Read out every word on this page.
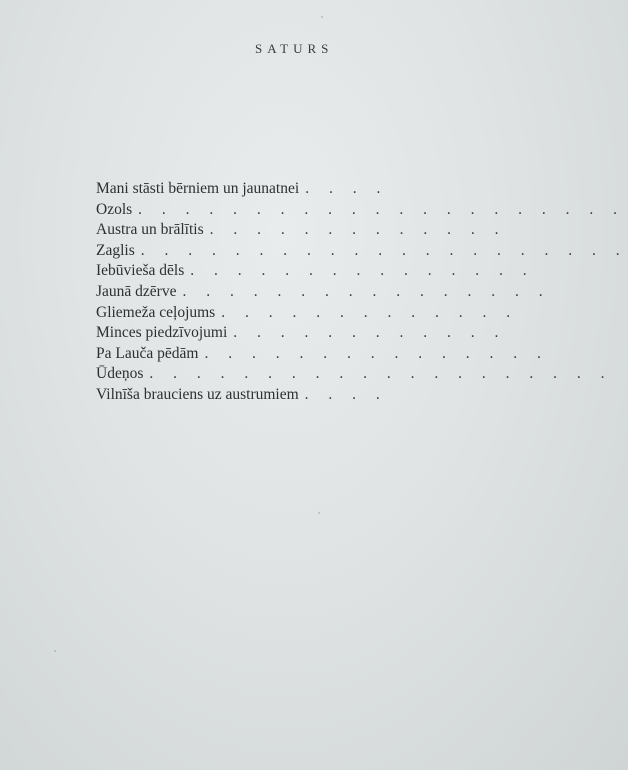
SATURS
Mani stāsti bērniem un jaunatnei . . . .
Ozols . . . . . . . . . . . . . . . . . . . . .
Austra un brālītis . . . . . . . . . . . . .
Zaglis . . . . . . . . . . . . . . . . . . . . .
Iebūvieša dēls . . . . . . . . . . . . . . .
Jaunā dzērve . . . . . . . . . . . . . . . .
Gliemeža ceļojums . . . . . . . . . . . . .
Minces piedzīvojumi . . . . . . . . . . . .
Pa Lauča pēdām . . . . . . . . . . . . . . .
Ūdeņos . . . . . . . . . . . . . . . . . . . .
Vilnīša brauciens uz austrumiem . . . .
